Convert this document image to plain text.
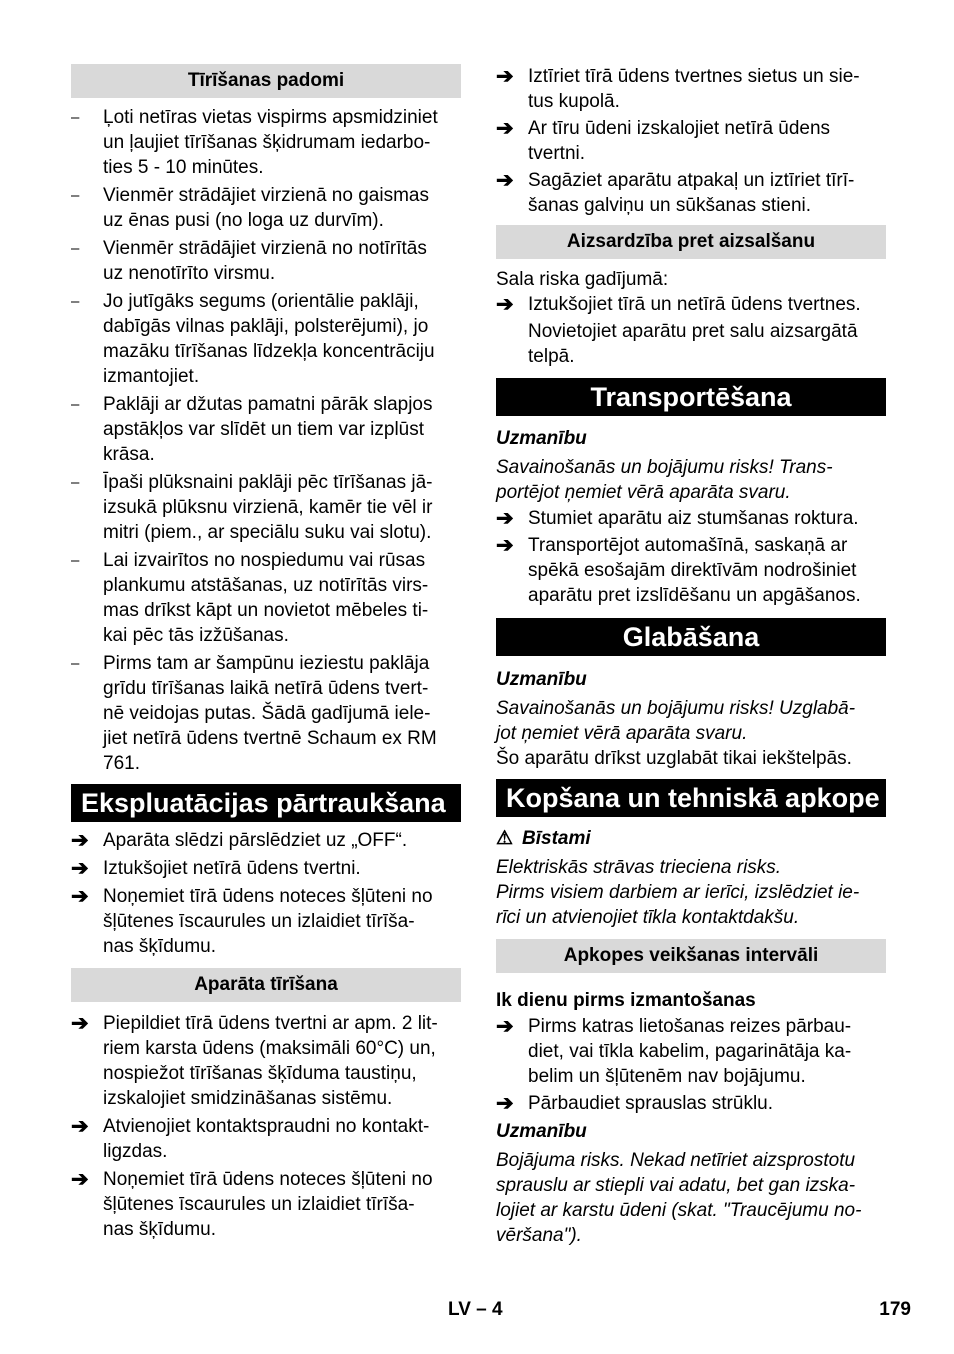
Tīrīšanas padomi
–	Ļoti netīras vietas vispirms apsmidziniet
un ļaujiet tīrīšanas šķidrumam iedarbo-
ties 5 - 10 minūtes.
–	Vienmēr strādājiet virzienā no gaismas
uz ēnas pusi (no loga uz durvīm).
–	Vienmēr strādājiet virzienā no notīrītās
uz nenotīrīto virsmu.
–	Jo jutīgāks segums (orientālie paklāji,
dabīgās vilnas paklāji, polsterējumi), jo
mazāku tīrīšanas līdzekļa koncentrāciju
izmantojiet.
–	Paklāji ar džutas pamatni pārāk slapjos
apstākļos var slīdēt un tiem var izplūst
krāsa.
–	Īpaši plūksnaini paklāji pēc tīrīšanas jā-
izsukā plūksnu virzienā, kamēr tie vēl ir
mitri (piem., ar speciālu suku vai slotu).
–	Lai izvairītos no nospiedumu vai rūsas
plankumu atstāšanas, uz notīrītās virs-
mas drīkst kāpt un novietot mēbeles ti-
kai pēc tās izžūšanas.
–	Pirms tam ar šampūnu ieziestu paklāja
grīdu tīrīšanas laikā netīrā ūdens tvert-
nē veidojas putas. Šādā gadījumā iele-
jiet netīrā ūdens tvertnē Schaum ex RM
761.
Ekspluatācijas pārtraukšana
➔ Aparāta slēdzi pārslēdziet uz „OFF“.
➔ Iztukšojiet netīrā ūdens tvertni.
➔ Noņemiet tīrā ūdens noteces šļūteni no
šļūtenes īscaurules un izlaidiet tīrīša-
nas šķīdumu.
Aparāta tīrīšana
➔ Piepildiet tīrā ūdens tvertni ar apm. 2 lit-
riem karsta ūdens (maksimāli 60°C) un,
nospiežot tīrīšanas šķīduma taustiņu,
izskalojiet smidzināšanas sistēmu.
➔ Atvienojiet kontaktspraudni no kontakt-
ligzdas.
➔ Noņemiet tīrā ūdens noteces šļūteni no
šļūtenes īscaurules un izlaidiet tīrīša-
nas šķīdumu.
➔ Iztīriet tīrā ūdens tvertnes sietus un sie-
tus kupolā.
➔ Ar tīru ūdeni izskalojiet netīrā ūdens
tvertni.
➔ Sagāziet aparātu atpakaļ un iztīriet tīrī-
šanas galviņu un sūkšanas stieni.
Aizsardzība pret aizsalšanu
Sala riska gadījumā:
➔ Iztukšojiet tīrā un netīrā ūdens tvertnes.
Novietojiet aparātu pret salu aizsargātā
telpā.
Transportēšana
Uzmanību
Savainošanās un bojājumu risks! Trans-
portējot ņemiet vērā aparāta svaru.
➔ Stumiet aparātu aiz stumšanas roktura.
➔ Transportējot automašīnā, saskaņā ar
spēkā esošajām direktīvām nodrošiniet
aparātu pret izslīdēšanu un apgāšanos.
Glabāšana
Uzmanību
Savainošanās un bojājumu risks! Uzglabā-
jot ņemiet vērā aparāta svaru.
Šo aparātu drīkst uzglabāt tikai iekštelpās.
Kopšana un tehniskā apkope
⚠ Bīstami
Elektriskās strāvas trieciena risks.
Pirms visiem darbiem ar ierīci, izslēdziet ie-
rīci un atvienojiet tīkla kontaktdakšu.
Apkopes veikšanas intervāli
Ik dienu pirms izmantošanas
➔ Pirms katras lietošanas reizes pārbau-
diet, vai tīkla kabelim, pagarinātāja ka-
belim un šļūtenēm nav bojājumu.
➔ Pārbaudiet sprauslas strūklu.
Uzmanību
Bojājuma risks. Nekad netīriet aizsprostotu
sprauslu ar stiepli vai adatu, bet gan izska-
lojiet ar karstu ūdeni (skat. "Traucējumu no-
vēršana").
LV – 4	179
